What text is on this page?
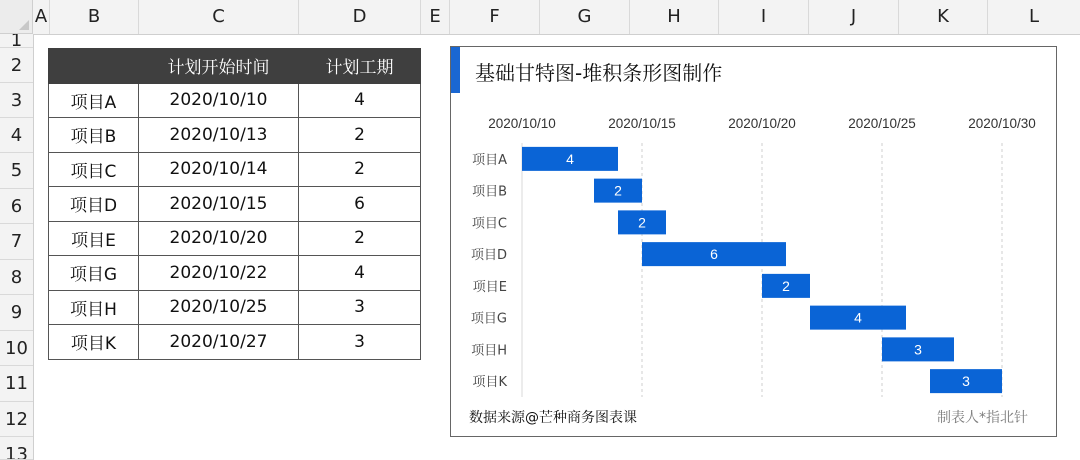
A	B	C	D	E	F	G	H	I	J	K	L
1
2
3
4
5
6
7
8
9
10
11
12
13
	计划开始时间	计划工期
项目A	2020/10/10	4
项目B	2020/10/13	2
项目C	2020/10/14	2
项目D	2020/10/15	6
项目E	2020/10/20	2
项目G	2020/10/22	4
项目H	2020/10/25	3
项目K	2020/10/27	3
基础甘特图-堆积条形图制作
2020/10/10	2020/10/15	2020/10/20	2020/10/25	2020/10/30
项目A	4
项目B	2
项目C	2
项目D	6
项目E	2
项目G	4
项目H	3
项目K	3
数据来源@芒种商务图表课	制表人*指北针
